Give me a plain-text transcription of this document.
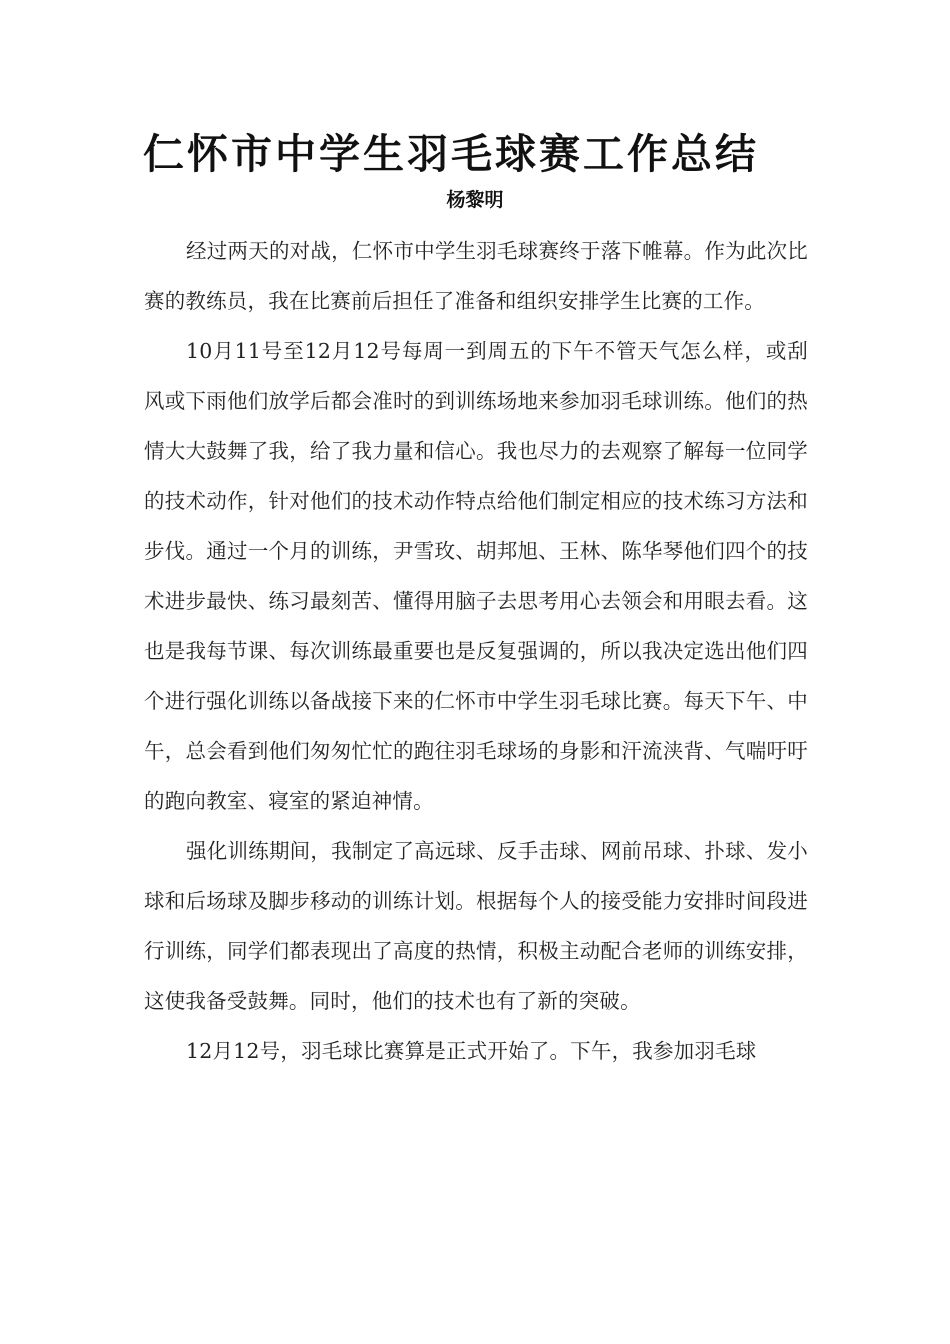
仁怀市中学生羽毛球赛工作总结
杨黎明

经过两天的对战，仁怀市中学生羽毛球赛终于落下帷幕。作为此次比赛的教练员，我在比赛前后担任了准备和组织安排学生比赛的工作。

10月11号至12月12号每周一到周五的下午不管天气怎么样，或刮风或下雨他们放学后都会准时的到训练场地来参加羽毛球训练。他们的热情大大鼓舞了我，给了我力量和信心。我也尽力的去观察了解每一位同学的技术动作，针对他们的技术动作特点给他们制定相应的技术练习方法和步伐。通过一个月的训练，尹雪玫、胡邦旭、王林、陈华琴他们四个的技术进步最快、练习最刻苦、懂得用脑子去思考用心去领会和用眼去看。这也是我每节课、每次训练最重要也是反复强调的，所以我决定选出他们四个进行强化训练以备战接下来的仁怀市中学生羽毛球比赛。每天下午、中午，总会看到他们匆匆忙忙的跑往羽毛球场的身影和汗流浃背、气喘吁吁的跑向教室、寝室的紧迫神情。

强化训练期间，我制定了高远球、反手击球、网前吊球、扑球、发小球和后场球及脚步移动的训练计划。根据每个人的接受能力安排时间段进行训练，同学们都表现出了高度的热情，积极主动配合老师的训练安排，这使我备受鼓舞。同时，他们的技术也有了新的突破。

12月12号，羽毛球比赛算是正式开始了。下午，我参加羽毛球
